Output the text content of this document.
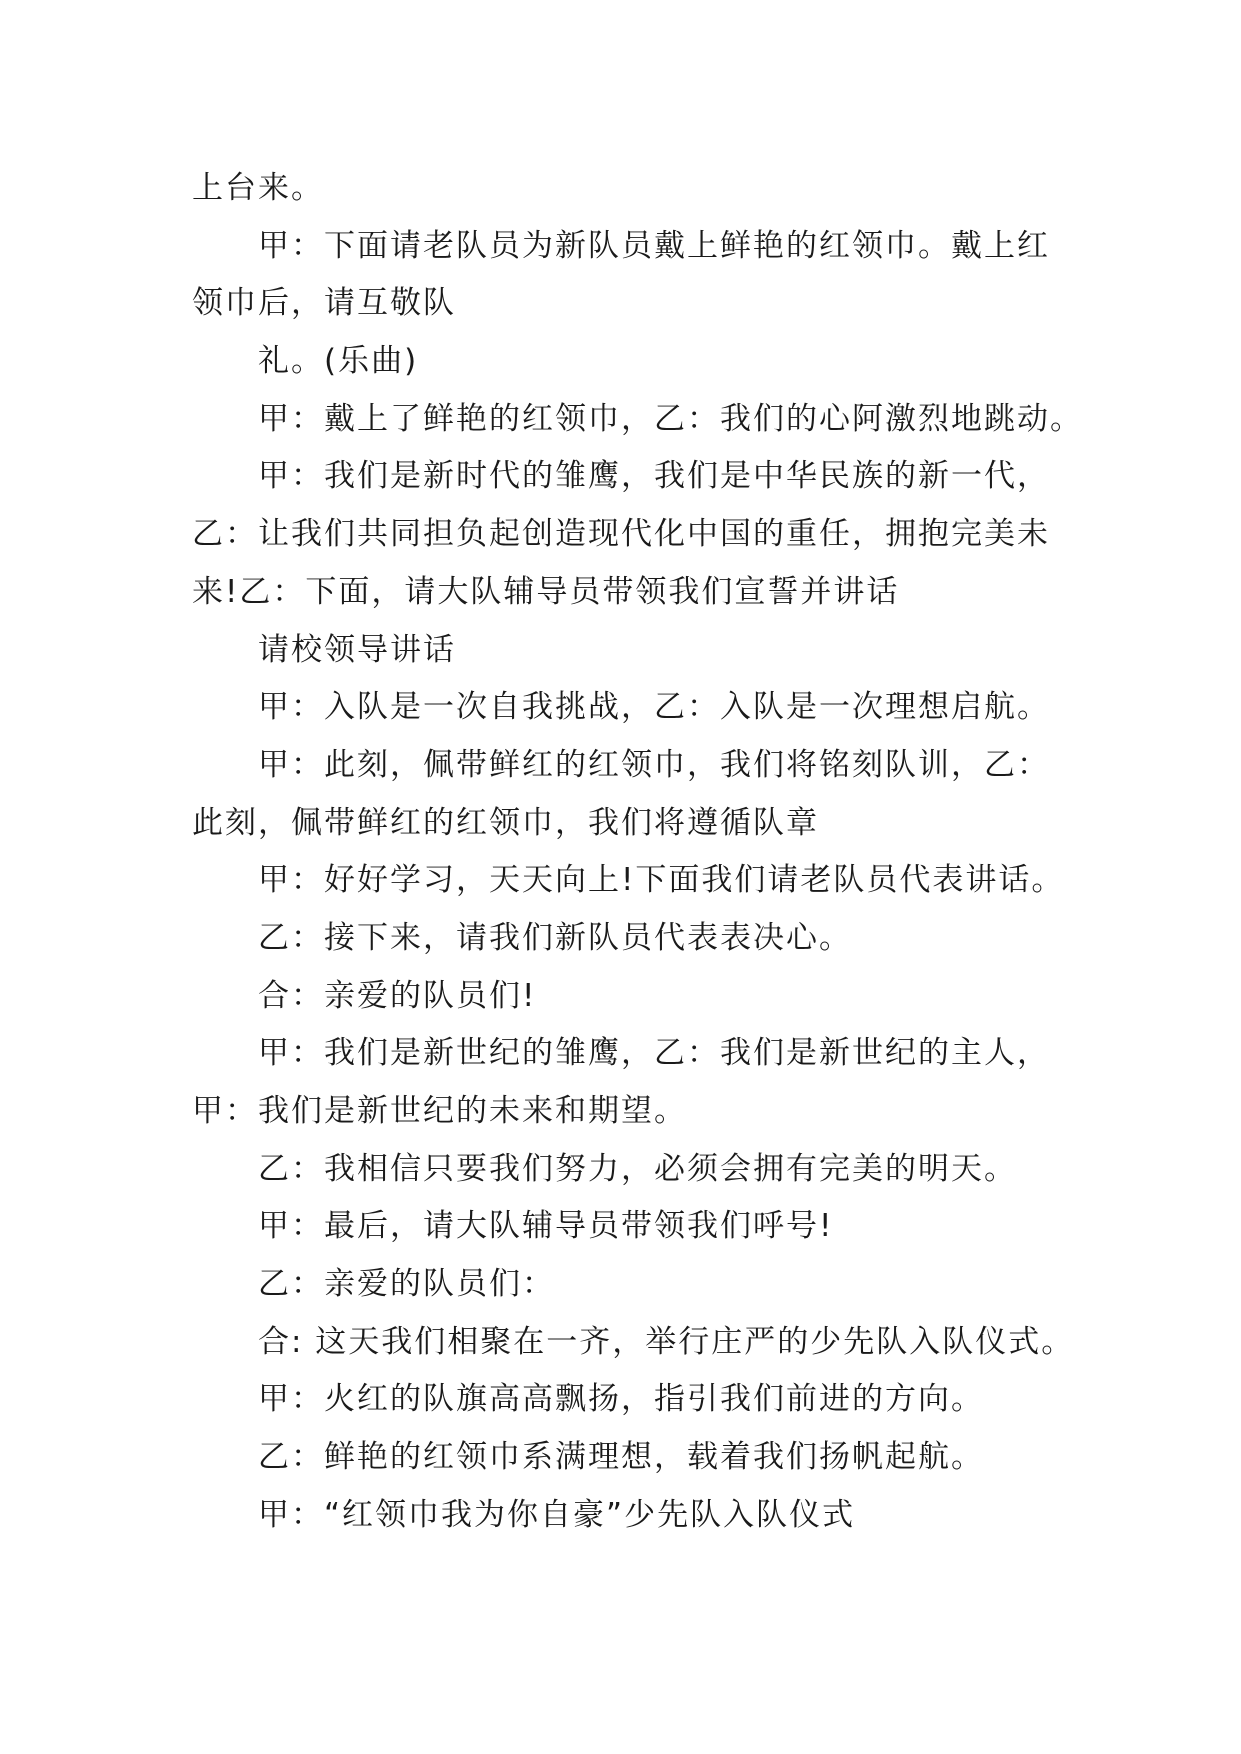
上台来。
甲：下面请老队员为新队员戴上鲜艳的红领巾。戴上红
领巾后，请互敬队
礼。(乐曲)
甲：戴上了鲜艳的红领巾，乙：我们的心阿激烈地跳动。
甲：我们是新时代的雏鹰，我们是中华民族的新一代，
乙：让我们共同担负起创造现代化中国的重任，拥抱完美未
来!乙：下面，请大队辅导员带领我们宣誓并讲话
请校领导讲话
甲：入队是一次自我挑战，乙：入队是一次理想启航。
甲：此刻，佩带鲜红的红领巾，我们将铭刻队训，乙：
此刻，佩带鲜红的红领巾，我们将遵循队章
甲：好好学习，天天向上!下面我们请老队员代表讲话。
乙：接下来，请我们新队员代表表决心。
合：亲爱的队员们!
甲：我们是新世纪的雏鹰，乙：我们是新世纪的主人，
甲：我们是新世纪的未来和期望。
乙：我相信只要我们努力，必须会拥有完美的明天。
甲：最后，请大队辅导员带领我们呼号!
乙：亲爱的队员们：
合: 这天我们相聚在一齐，举行庄严的少先队入队仪式。
甲：火红的队旗高高飘扬，指引我们前进的方向。
乙：鲜艳的红领巾系满理想，载着我们扬帆起航。
甲：“红领巾我为你自豪”少先队入队仪式
